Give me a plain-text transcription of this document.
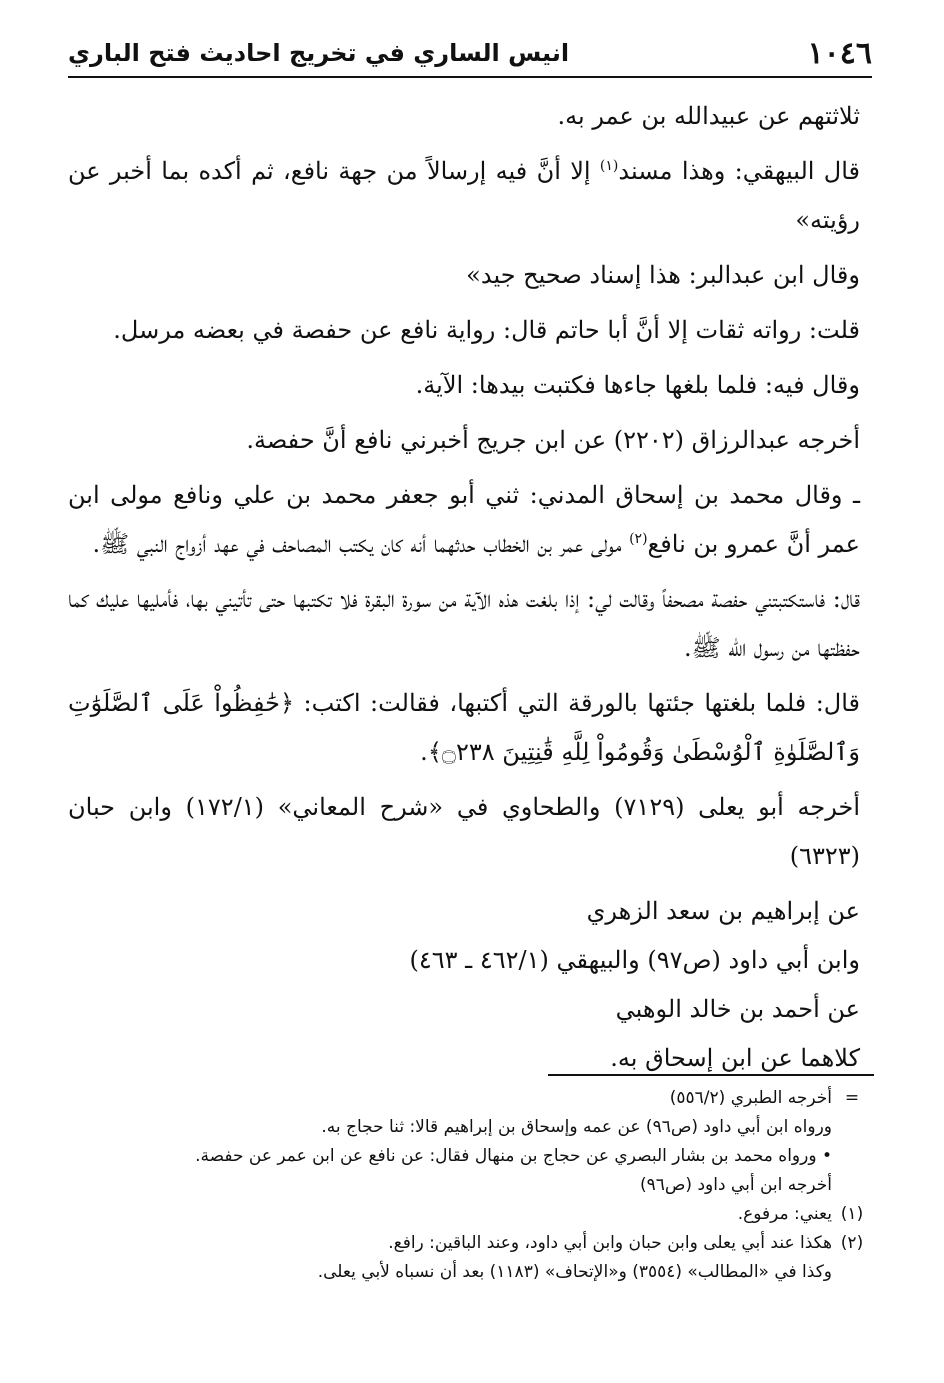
١٠٤٦
انيس الساري في تخريج احاديث فتح الباري

ثلاثتهم عن عبيدالله بن عمر به.

قال البيهقي: وهذا مسند$^{(١)}$ إلا أنَّ فيه إرسالاً من جهة نافع، ثم أكده بما أخبر عن رؤيته»

وقال ابن عبدالبر: هذا إسناد صحيح جيد»

قلت: رواته ثقات إلا أنَّ أبا حاتم قال: رواية نافع عن حفصة في بعضه مرسل.

وقال فيه: فلما بلغها جاءها فكتبت بيدها: الآية.

أخرجه عبدالرزاق (٢٢٠٢) عن ابن جريج أخبرني نافع أنَّ حفصة.

ـ وقال محمد بن إسحاق المدني: ثني أبو جعفر محمد بن علي ونافع مولى ابن عمر أنَّ عمرو بن نافع$^{(٢)}$ مولى عمر بن الخطاب حدثهما أنه كان يكتب المصاحف في عهد أزواج النبي ﷺ.

قال: فاستكتبتني حفصة مصحفاً وقالت لي: إذا بلغت هذه الآية من سورة البقرة فلا تكتبها حتى تأتيني بها، فأمليها عليك كما حفظتها من رسول الله ﷺ.

قال: فلما بلغتها جئتها بالورقة التي أكتبها، فقالت: اكتب: ﴿حَٰفِظُواْ عَلَى ٱلصَّلَوَٰتِ وَٱلصَّلَوٰةِ ٱلْوُسْطَىٰ وَقُومُواْ لِلَّهِ قَٰنِتِينَ ۝٢٣٨﴾.

أخرجه أبو يعلى (٧١٢٩) والطحاوي في «شرح المعاني» (١٧٢/١) وابن حبان (٦٣٢٣)

عن إبراهيم بن سعد الزهري

وابن أبي داود (ص٩٧) والبيهقي (٤٦٢/١ ـ ٤٦٣)

عن أحمد بن خالد الوهبي

كلاهما عن ابن إسحاق به.

=
أخرجه الطبري (٥٥٦/٢)
ورواه ابن أبي داود (ص٩٦) عن عمه وإسحاق بن إبراهيم قالا: ثنا حجاج به.
• ورواه محمد بن بشار البصري عن حجاج بن منهال فقال: عن نافع عن ابن عمر عن حفصة.
أخرجه ابن أبي داود (ص٩٦)
(١)
يعني: مرفوع.
(٢)
هكذا عند أبي يعلى وابن حبان وابن أبي داود، وعند الباقين: رافع.
وكذا في «المطالب» (٣٥٥٤) و«الإتحاف» (١١٨٣) بعد أن نسباه لأبي يعلى.
